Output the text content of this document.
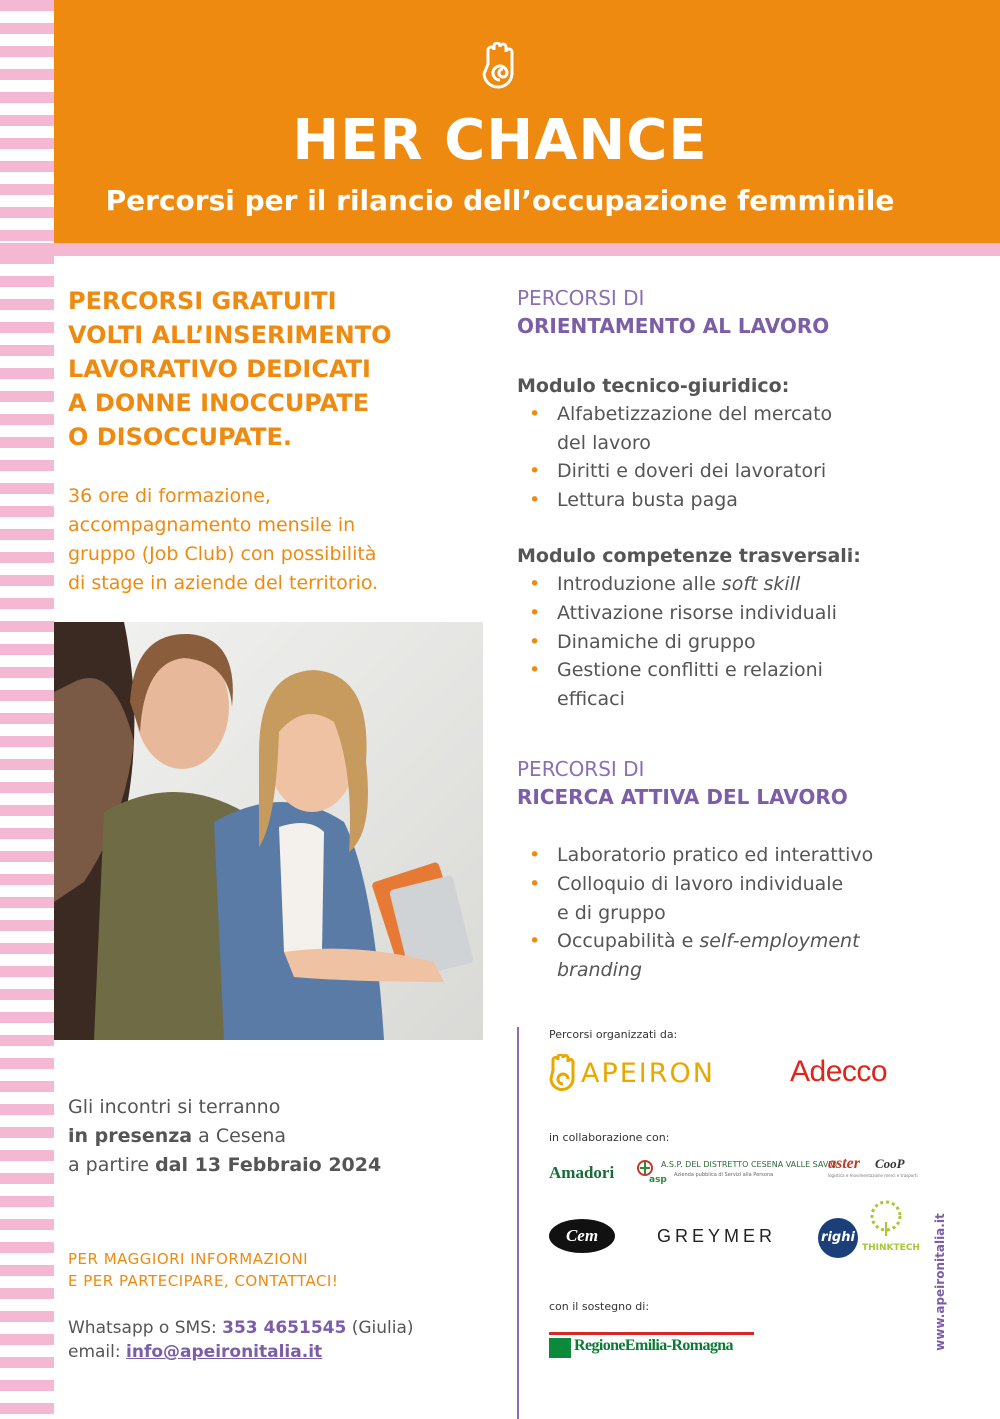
HER CHANCE
Percorsi per il rilancio dell’occupazione femminile

PERCORSI GRATUITI
VOLTI ALL’INSERIMENTO
LAVORATIVO DEDICATI
A DONNE INOCCUPATE
O DISOCCUPATE.

36 ore di formazione,
accompagnamento mensile in
gruppo (Job Club) con possibilità
di stage in aziende del territorio.

PERCORSI DI
ORIENTAMENTO AL LAVORO
Modulo tecnico-giuridico:
• Alfabetizzazione del mercato
del lavoro
• Diritti e doveri dei lavoratori
• Lettura busta paga
Modulo competenze trasversali:
• Introduzione alle soft skill
• Attivazione risorse individuali
• Dinamiche di gruppo
• Gestione conflitti e relazioni
efficaci
PERCORSI DI
RICERCA ATTIVA DEL LAVORO
• Laboratorio pratico ed interattivo
• Colloquio di lavoro individuale
e di gruppo
• Occupabilità e self-employment
branding

Gli incontri si terranno
in presenza a Cesena
a partire dal 13 Febbraio 2024

PER MAGGIORI INFORMAZIONI
E PER PARTECIPARE, CONTATTACI!

Whatsapp o SMS: 353 4651545 (Giulia)
email: info@apeironitalia.it

Percorsi organizzati da:
APEIRON	Adecco
in collaborazione con:
Amadori	asp
A.S.P. DEL DISTRETTO CESENA VALLE SAVIO
Azienda pubblica di Servizi alla Persona
aster CooP
logistica e movimentazione merci e trasporti
Cem	GREYMER	righi
THINKTECH
con il sostegno di:
RegioneEmilia-Romagna	www.apeironitalia.it
